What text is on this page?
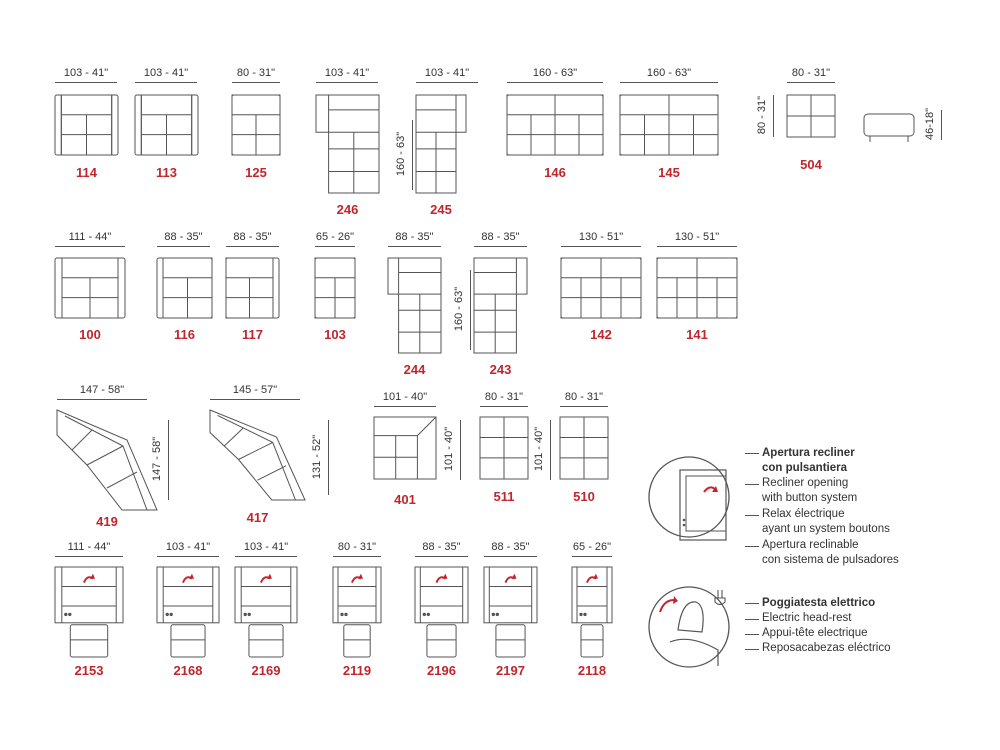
103 - 41"
114
103 - 41"
113
80 - 31"
125
103 - 41"
246
103 - 41"
245
160 - 63"
146
160 - 63"
145
80 - 31"
504
111 - 44"
100
88 - 35"
116
88 - 35"
117
65 - 26"
103
88 - 35"
244
88 - 35"
243
130 - 51"
142
130 - 51"
141
147 - 58"
419
145 - 57"
417
101 - 40"
401
80 - 31"
511
80 - 31"
510
111 - 44"
2153
103 - 41"
2168
103 - 41"
2169
80 - 31"
2119
88 - 35"
2196
88 - 35"
2197
65 - 26"
2118
160 - 63"
80 - 31"	46-18"
160 - 63"
147 - 58"	131 - 52"	101 - 40"	101 - 40"	Apertura recliner
con pulsantiera
Recliner opening
with button system
Relax électrique
ayant un system boutons
Apertura reclinable
con sistema de pulsadores
Poggiatesta elettrico
Electric head-rest
Appui-tête electrique
Reposacabezas eléctrico
